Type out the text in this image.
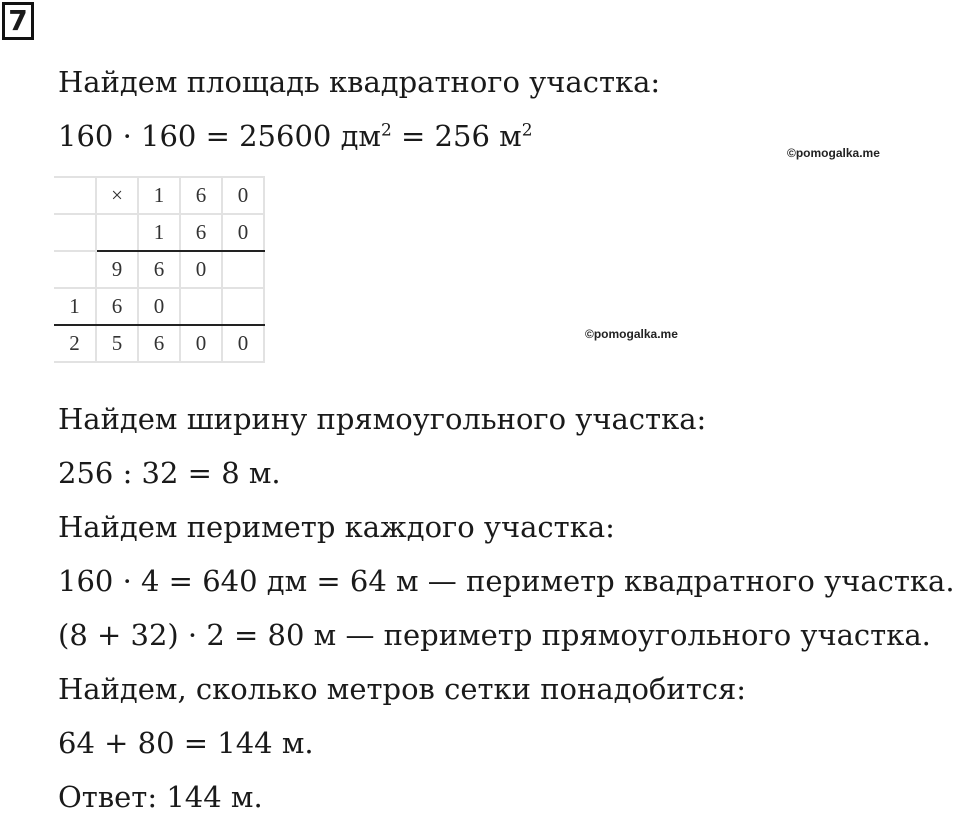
7
Найдем площадь квадратного участка:
160 · 160 = 25600 $дм^2 = 256$ $м^2$
©pomogalka.me
©pomogalka.me
	×	1	6	0
		1	6	0
	9	6	0	
1	6	0		
2	5	6	0	0
Найдем ширину прямоугольного участка:
256 : 32 = 8 м.
Найдем периметр каждого участка:
160 · 4 = 640 дм = 64 м — периметр квадратного участка.
(8 + 32) · 2 = 80 м — периметр прямоугольного участка.
Найдем, сколько метров сетки понадобится:
64 + 80 = 144 м.
Ответ: 144 м.
